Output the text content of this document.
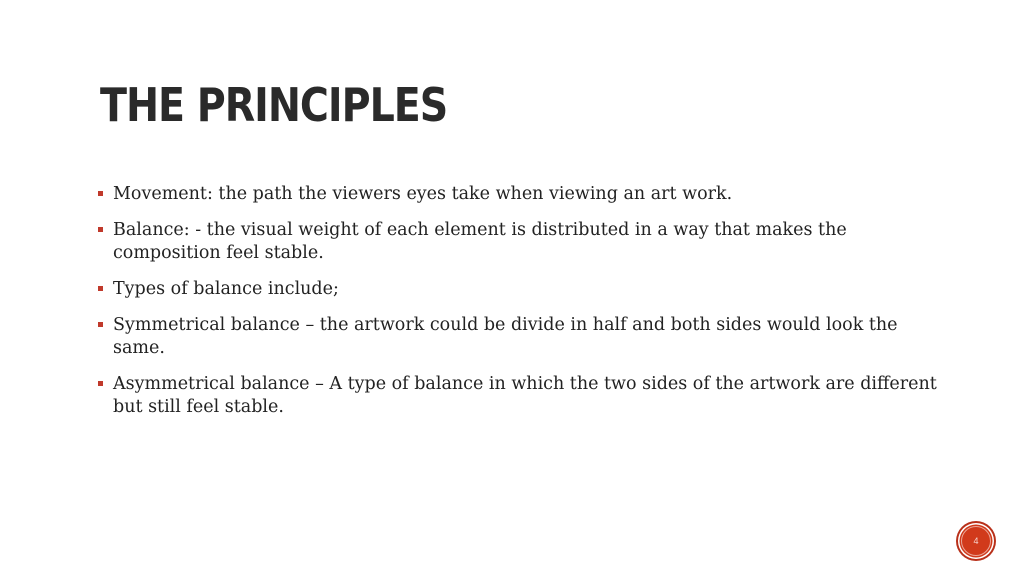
THE PRINCIPLES
Movement: the path the viewers eyes take when viewing an art work.
Balance: - the visual weight of each element is distributed in a way that makes the composition feel stable.
Types of balance include;
Symmetrical balance – the artwork could be divide in half and both sides would look the same.
Asymmetrical balance – A type of balance in which the two sides of the artwork are different but still feel stable.
4
